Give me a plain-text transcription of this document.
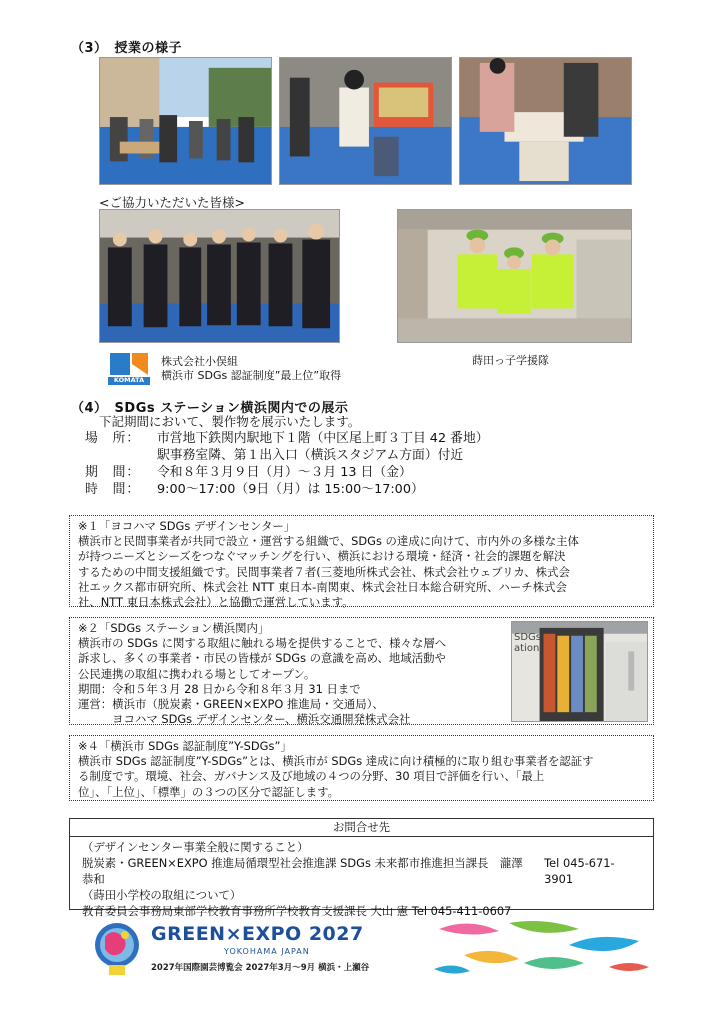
（3）　授業の様子
<ご協力いただいた皆様>
KOMATA
株式会社小俣組
横浜市 SDGs 認証制度”最上位”取得
蒔田っ子学援隊
（4）　SDGs ステーション横浜関内での展示
下記期間において、製作物を展示いたします。
場　所：	市営地下鉄関内駅地下１階（中区尾上町３丁目 42 番地）
駅事務室隣、第１出入口（横浜スタジアム方面）付近
期　間：	令和８年３月９日（月）～３月 13 日（金）
時　間：	9:00～17:00（9日（月）は 15:00～17:00）
※１「ヨコハマ SDGs デザインセンター」
横浜市と民間事業者が共同で設立・運営する組織で、SDGs の達成に向けて、市内外の多様な主体
が持つニーズとシーズをつなぐマッチングを行い、横浜における環境・経済・社会的課題を解決
するための中間支援組織です。民間事業者７者(三菱地所株式会社、株式会社ウェブリカ、株式会
社エックス都市研究所、株式会社 NTT 東日本-南関東、株式会社日本総合研究所、ハーチ株式会
社、NTT 東日本株式会社）と協働で運営しています。
※２「SDGs ステーション横浜関内」
横浜市の SDGs に関する取組に触れる場を提供することで、様々な層へ
訴求し、多くの事業者・市民の皆様が SDGs の意識を高め、地域活動や
公民連携の取組に携われる場としてオープン。
期間：令和５年３月 28 日から令和８年３月 31 日まで
運営：横浜市（脱炭素・GREEN×EXPO 推進局・交通局）、
　　　ヨコハマ SDGs デザインセンター、横浜交通開発株式会社
SDGs
ation
※４「横浜市 SDGs 認証制度”Y-SDGs”」
横浜市 SDGs 認証制度”Y-SDGs”とは、横浜市が SDGs 達成に向け積極的に取り組む事業者を認証す
る制度です。環境、社会、ガバナンス及び地域の４つの分野、30 項目で評価を行い、「最上
位」、「上位」、「標準」の３つの区分で認証します。
お問合せ先
（デザインセンター事業全般に関すること）
脱炭素・GREEN×EXPO 推進局循環型社会推進課 SDGs 未来都市推進担当課長　瀧澤　恭和
Tel 045-671-3901
（蒔田小学校の取組について）
教育委員会事務局東部学校教育事務所学校教育支援課長 大山 憲 Tel 045-411-0607
GREEN×EXPO 2027
YOKOHAMA JAPAN
2027年国際園芸博覧会 2027年3月～9月 横浜・上瀬谷
